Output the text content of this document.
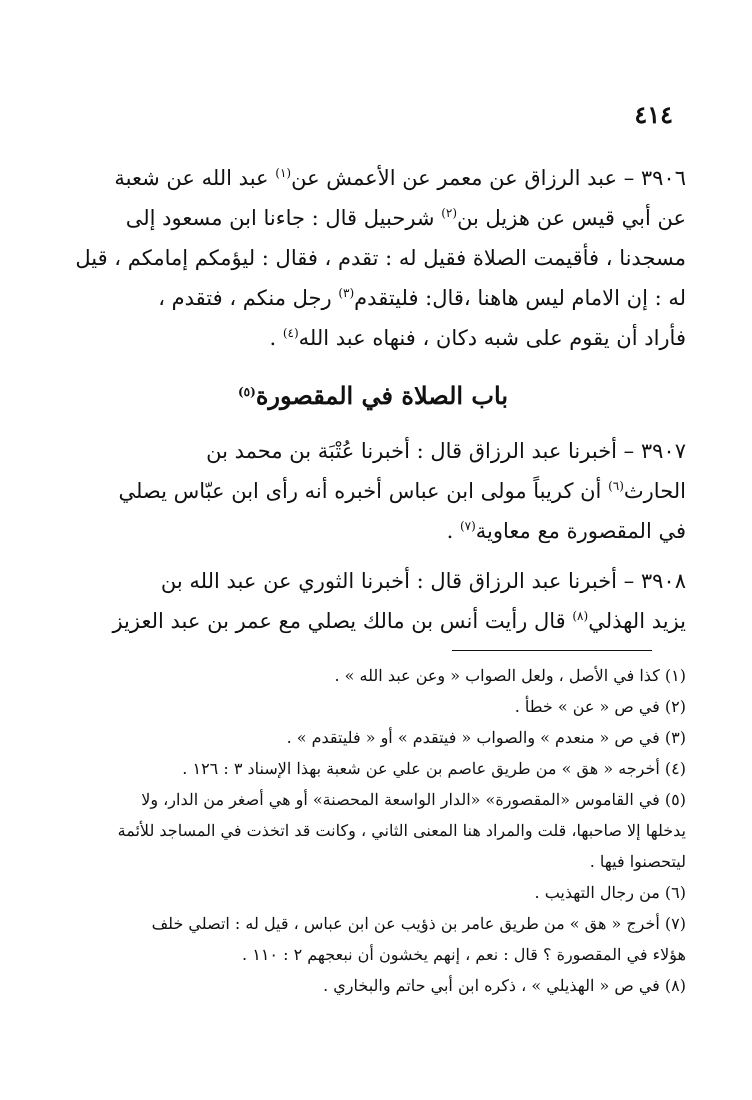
٤١٤
٣٩٠٦ – عبد الرزاق عن معمر عن الأعمش عن$^{(١)}$ عبد الله عن شعبة
عن أبي قيس عن هزيل بن$^{(٢)}$ شرحبيل قال : جاءنا ابن مسعود إلى
مسجدنا ، فأقيمت الصلاة فقيل له : تقدم ، فقال : ليؤمكم إمامكم ، قيل
له : إن الامام ليس هاهنا ،قال: فليتقدم$^{(٣)}$ رجل منكم ، فتقدم ،
فأراد أن يقوم على شبه دكان ، فنهاه عبد الله$^{(٤)}$ .
باب الصلاة في المقصورة$^{(٥)}$
٣٩٠٧ – أخبرنا عبد الرزاق قال : أخبرنا عُتْبَة بن محمد بن
الحارث$^{(٦)}$ أن كريباً مولى ابن عباس أخبره أنه رأى ابن عبّاس يصلي
في المقصورة مع معاوية$^{(٧)}$ .
٣٩٠٨ – أخبرنا عبد الرزاق قال : أخبرنا الثوري عن عبد الله بن
يزيد الهذلي$^{(٨)}$ قال رأيت أنس بن مالك يصلي مع عمر بن عبد العزيز

(١) كذا في الأصل ، ولعل الصواب « وعن عبد الله » .

(٢) في ص « عن » خطأ .

(٣) في ص « منعدم » والصواب « فيتقدم » أو « فليتقدم » .

(٤) أخرجه « هق » من طريق عاصم بن علي عن شعبة بهذا الإسناد ٣ : ١٢٦ .

(٥) في القاموس «المقصورة» «الدار الواسعة المحصنة» أو هي أصغر من الدار، ولا

يدخلها إلا صاحبها، قلت والمراد هنا المعنى الثاني ، وكانت قد اتخذت في المساجد للأئمة

ليتحصنوا فيها .

(٦) من رجال التهذيب .

(٧) أخرج « هق » من طريق عامر بن ذؤيب عن ابن عباس ، قيل له : اتصلي خلف

هؤلاء في المقصورة ؟ قال : نعم ، إنهم يخشون أن نبعجهم ٢ : ١١٠ .

(٨) في ص « الهذيلي » ، ذكره ابن أبي حاتم والبخاري .
